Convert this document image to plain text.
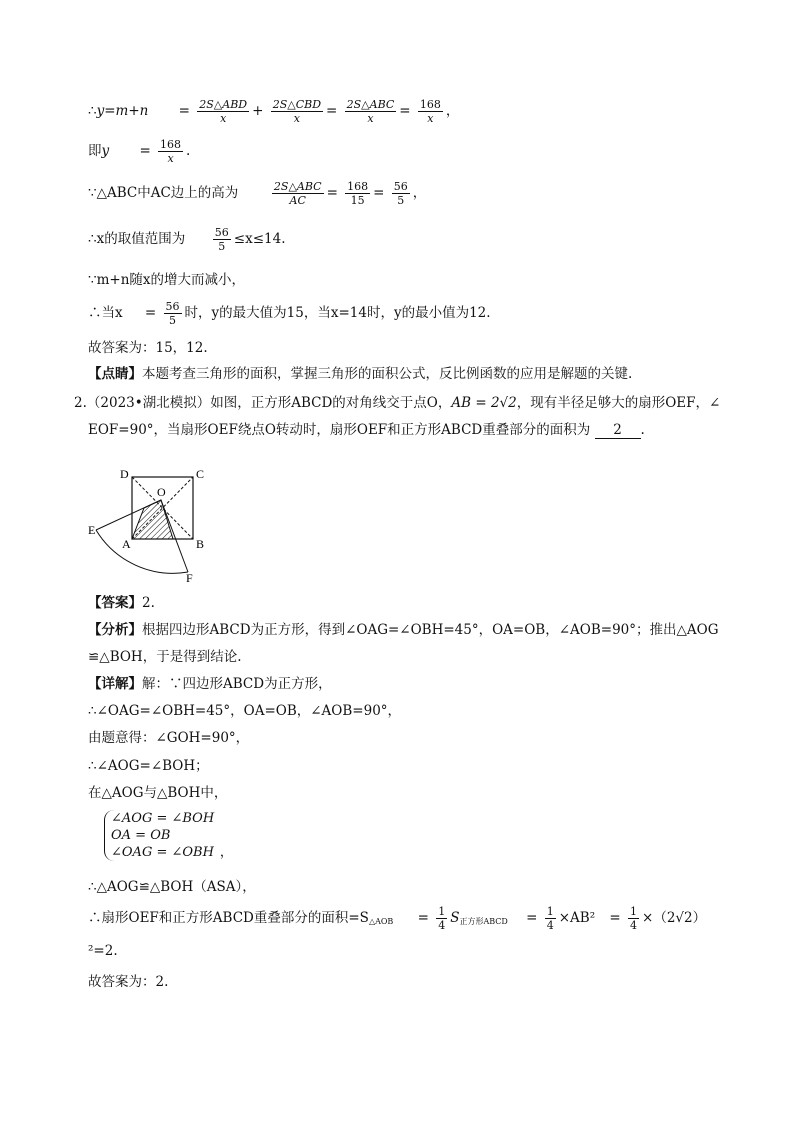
∴y=m+n = $\frac{\text{2S△ABD}}{x} + \frac{\text{2S△CBD}}{x} = \frac{\text{2S△ABC}}{x} = \frac{168}{x}$ ，
即$y = \frac{168}{x}$ .
∵△ABC中AC边上的高为	$\frac{\text{2S△ABC}}{AC} = \frac{168}{15} = \frac{56}{5}$ ，
∴x的取值范围为	$\frac{56}{5} \le x\le 14$.
∵m+n随x的增大而减小，
∴当$x = \frac{56}{5}$ 时，y的最大值为15，当x=14时，y的最小值为12.
故答案为：15，12.
【点睛】本题考查三角形的面积，掌握三角形的面积公式，反比例函数的应用是解题的关键.
2.（2023•湖北模拟）如图，正方形ABCD的对角线交于点O，AB = 2√2，现有半径足够大的扇形OEF，∠
EOF=90°，当扇形OEF绕点O转动时，扇形OEF和正方形ABCD重叠部分的面积为 2 .
D	C
O
E
A	B
F
【答案】2.
【分析】根据四边形ABCD为正方形，得到∠OAG=∠OBH=45°，OA=OB，∠AOB=90°；推出△AOG
≌△BOH，于是得到结论.
【详解】解：∵四边形ABCD为正方形，
∴∠OAG=∠OBH=45°，OA=OB，∠AOB=90°，
由题意得：∠GOH=90°，
∴∠AOG=∠BOH；
在△AOG与△BOH中，
∠AOG = ∠BOH
OA = OB
∠OAG = ∠OBH ，
∴△AOG≌△BOH（ASA），
∴扇形OEF和正方形ABCD重叠部分的面积$=S_{\triangle AOB} = \frac{1}{4} S_{正方形ABCD} = \frac{1}{4} \times AB^2 = \frac{1}{4} \times(2√2)$
²=2.
故答案为：2.
